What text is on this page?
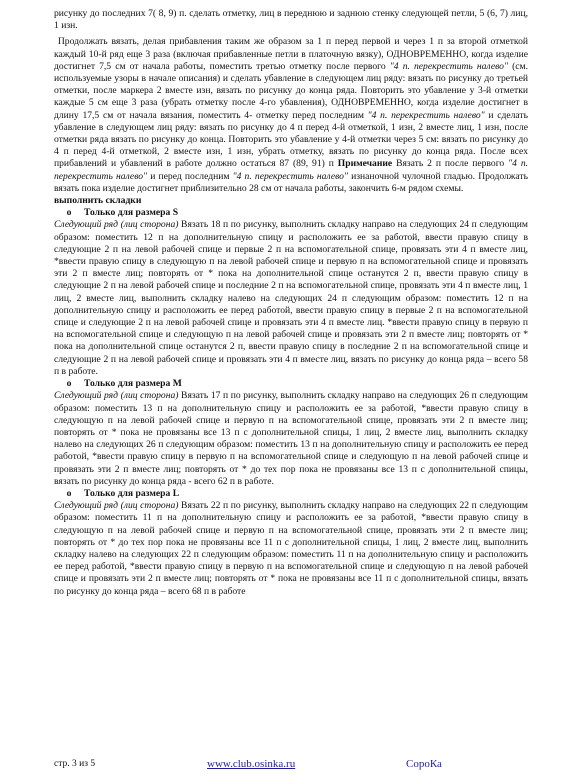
рисунку до последних 7( 8, 9) п. сделать отметку, лиц в переднюю и заднюю стенку следующей петли, 5 (6, 7) лиц, 1 изн.

Продолжать вязать, делая прибавления таким же образом за 1 п перед первой и через 1 п за второй отметкой каждый 10-й ряд еще 3 раза (включая прибавленные петли в платочную вязку), ОДНОВРЕМЕННО, когда изделие достигнет 7,5 см от начала работы, поместить третью отметку после первого "4 п. перекрестить налево" (см. используемые узоры в начале описания) и сделать убавление в следующем лиц ряду: вязать по рисунку до третьей отметки, после маркера 2 вместе изн, вязать по рисунку до конца ряда. Повторить это убавление у 3-й отметки каждые 5 см еще 3 раза (убрать отметку после 4-го убавления), ОДНОВРЕМЕННО, когда изделие достигнет в длину 17,5 см от начала вязания, поместить 4- отметку перед последним "4 п. перекрестить налево" и сделать убавление в следующем лиц ряду: вязать по рисунку до 4 п перед 4-й отметкой, 1 изн, 2 вместе лиц, 1 изн, после отметки ряда вязать по рисунку до конца. Повторить это убавление у 4-й отметки через 5 см: вязать по рисунку до 4 п перед 4-й отметкой, 2 вместе изн, 1 изн, убрать отметку, вязать по рисунку до конца ряда. После всех прибавлений и убавлений в работе должно остаться 87 (89, 91) п Примечание Вязать 2 п после первого "4 п. перекрестить налево" и перед последним "4 п. перекрестить налево" изнаночной чулочной гладью. Продолжать вязать пока изделие достигнет приблизительно 28 см от начала работы, закончить 6-м рядом схемы.

выполнить складки

o Только для размера S

Следующий ряд (лиц сторона) Вязать 18 п по рисунку, выполнить складку направо на следующих 24 п следующим образом: поместить 12 п на дополнительную спицу и расположить ее за работой, ввести правую спицу в следующие 2 п на левой рабочей спице и первые 2 п на вспомогательной спице, провязать эти 4 п вместе лиц, *ввести правую спицу в следующую п на левой рабочей спице и первую п на вспомогательной спице и провязать эти 2 п вместе лиц; повторять от * пока на дополнительной спице останутся 2 п, ввести правую спицу в следующие 2 п на левой рабочей спице и последние 2 п на вспомогательной спице, провязать эти 4 п вместе лиц, 1 лиц, 2 вместе лиц, выполнить складку налево на следующих 24 п следующим образом: поместить 12 п на дополнительную спицу и расположить ее перед работой, ввести правую спицу в первые 2 п на вспомогательной спице и следующие 2 п на левой рабочей спице и провязать эти 4 п вместе лиц. *ввести правую спицу в первую п на вспомогательной спице и следующую п на левой рабочей спице и провязать эти 2 п вместе лиц; повторять от * пока на дополнительной спице останутся 2 п, ввести правую спицу в последние 2 п на вспомогательной спице и следующие 2 п на левой рабочей спице и провязать эти 4 п вместе лиц, вязать по рисунку до конца ряда – всего 58 п в работе.

o Только для размера M

Следующий ряд (лиц сторона) Вязать 17 п по рисунку, выполнить складку направо на следующих 26 п следующим образом: поместить 13 п на дополнительную спицу и расположить ее за работой, *ввести правую спицу в следующую п на левой рабочей спице и первую п на вспомогательной спице, провязать эти 2 п вместе лиц; повторять от * пока не провязаны все 13 п с дополнительной спицы, 1 лиц, 2 вместе лиц, выполнить складку налево на следующих 26 п следующим образом: поместить 13 п на дополнительную спицу и расположить ее перед работой, *ввести правую спицу в первую п на вспомогательной спице и следующую п на левой рабочей спице и провязать эти 2 п вместе лиц; повторять от * до тех пор пока не провязаны все 13 п с дополнительной спицы, вязать по рисунку до конца ряда - всего 62 п в работе.

o Только для размера L

Следующий ряд (лиц сторона) Вязать 22 п по рисунку, выполнить складку направо на следующих 22 п следующим образом: поместить 11 п на дополнительную спицу и расположить ее за работой, *ввести правую спицу в следующую п на левой рабочей спице и первую п на вспомогательной спице, провязать эти 2 п вместе лиц; повторять от * до тех пор пока не провязаны все 11 п с дополнительной спицы, 1 лиц, 2 вместе лиц, выполнить складку налево на следующих 22 п следующим образом: поместить 11 п на дополнительную спицу и расположить ее перед работой, *ввести правую спицу в первую п на вспомогательной спице и следующую п на левой рабочей спице и провязать эти 2 п вместе лиц; повторять от * пока не провязаны все 11 п с дополнительной спицы, вязать по рисунку до конца ряда – всего 68 п в работе

стр. 3 из 5	www.club.osinka.ru	СороКа
